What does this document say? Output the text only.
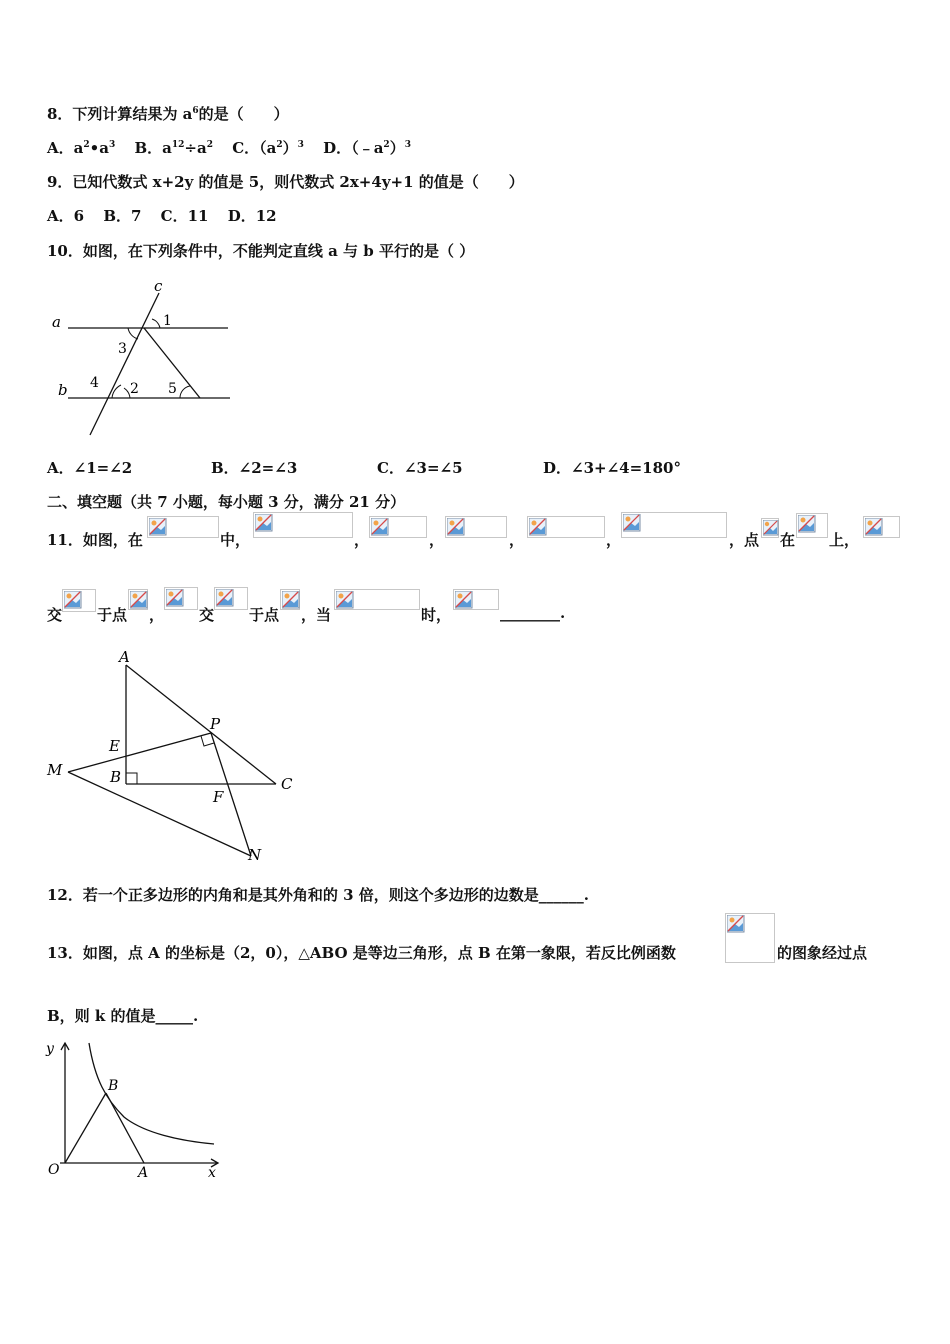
8．下列计算结果为 $a^6$的是（　　）
A．$a^2•a^3$ B．$a^{12}\div a^2$ C．$(a^2)^3$ D．$(﹣a^2)^3$
9．已知代数式 x+2y 的值是 5，则代数式 2x+4y+1 的值是（　　）
A．6 B．7 C．11 D．12
10．如图，在下列条件中，不能判定直线 a 与 b 平行的是（ ）
a
b
c
1
3
4 2 5
A．∠1=∠2	B．∠2=∠3	C．∠3=∠5	D．∠3+∠4=180°
二、填空题（共 7 小题，每小题 3 分，满分 21 分）
11．如图，在	中，	，	，	，	，	，点 在 上，
交 于点 ， 交 于点 ，当	时，	________.
A
E
M	B
P
C
F
N
12．若一个正多边形的内角和是其外角和的 3 倍，则这个多边形的边数是______.
13．如图，点 A 的坐标是（2，0），△ABO 是等边三角形，点 B 在第一象限，若反比例函数	的图象经过点
B，则 k 的值是_____.
y
O	A
B
x
